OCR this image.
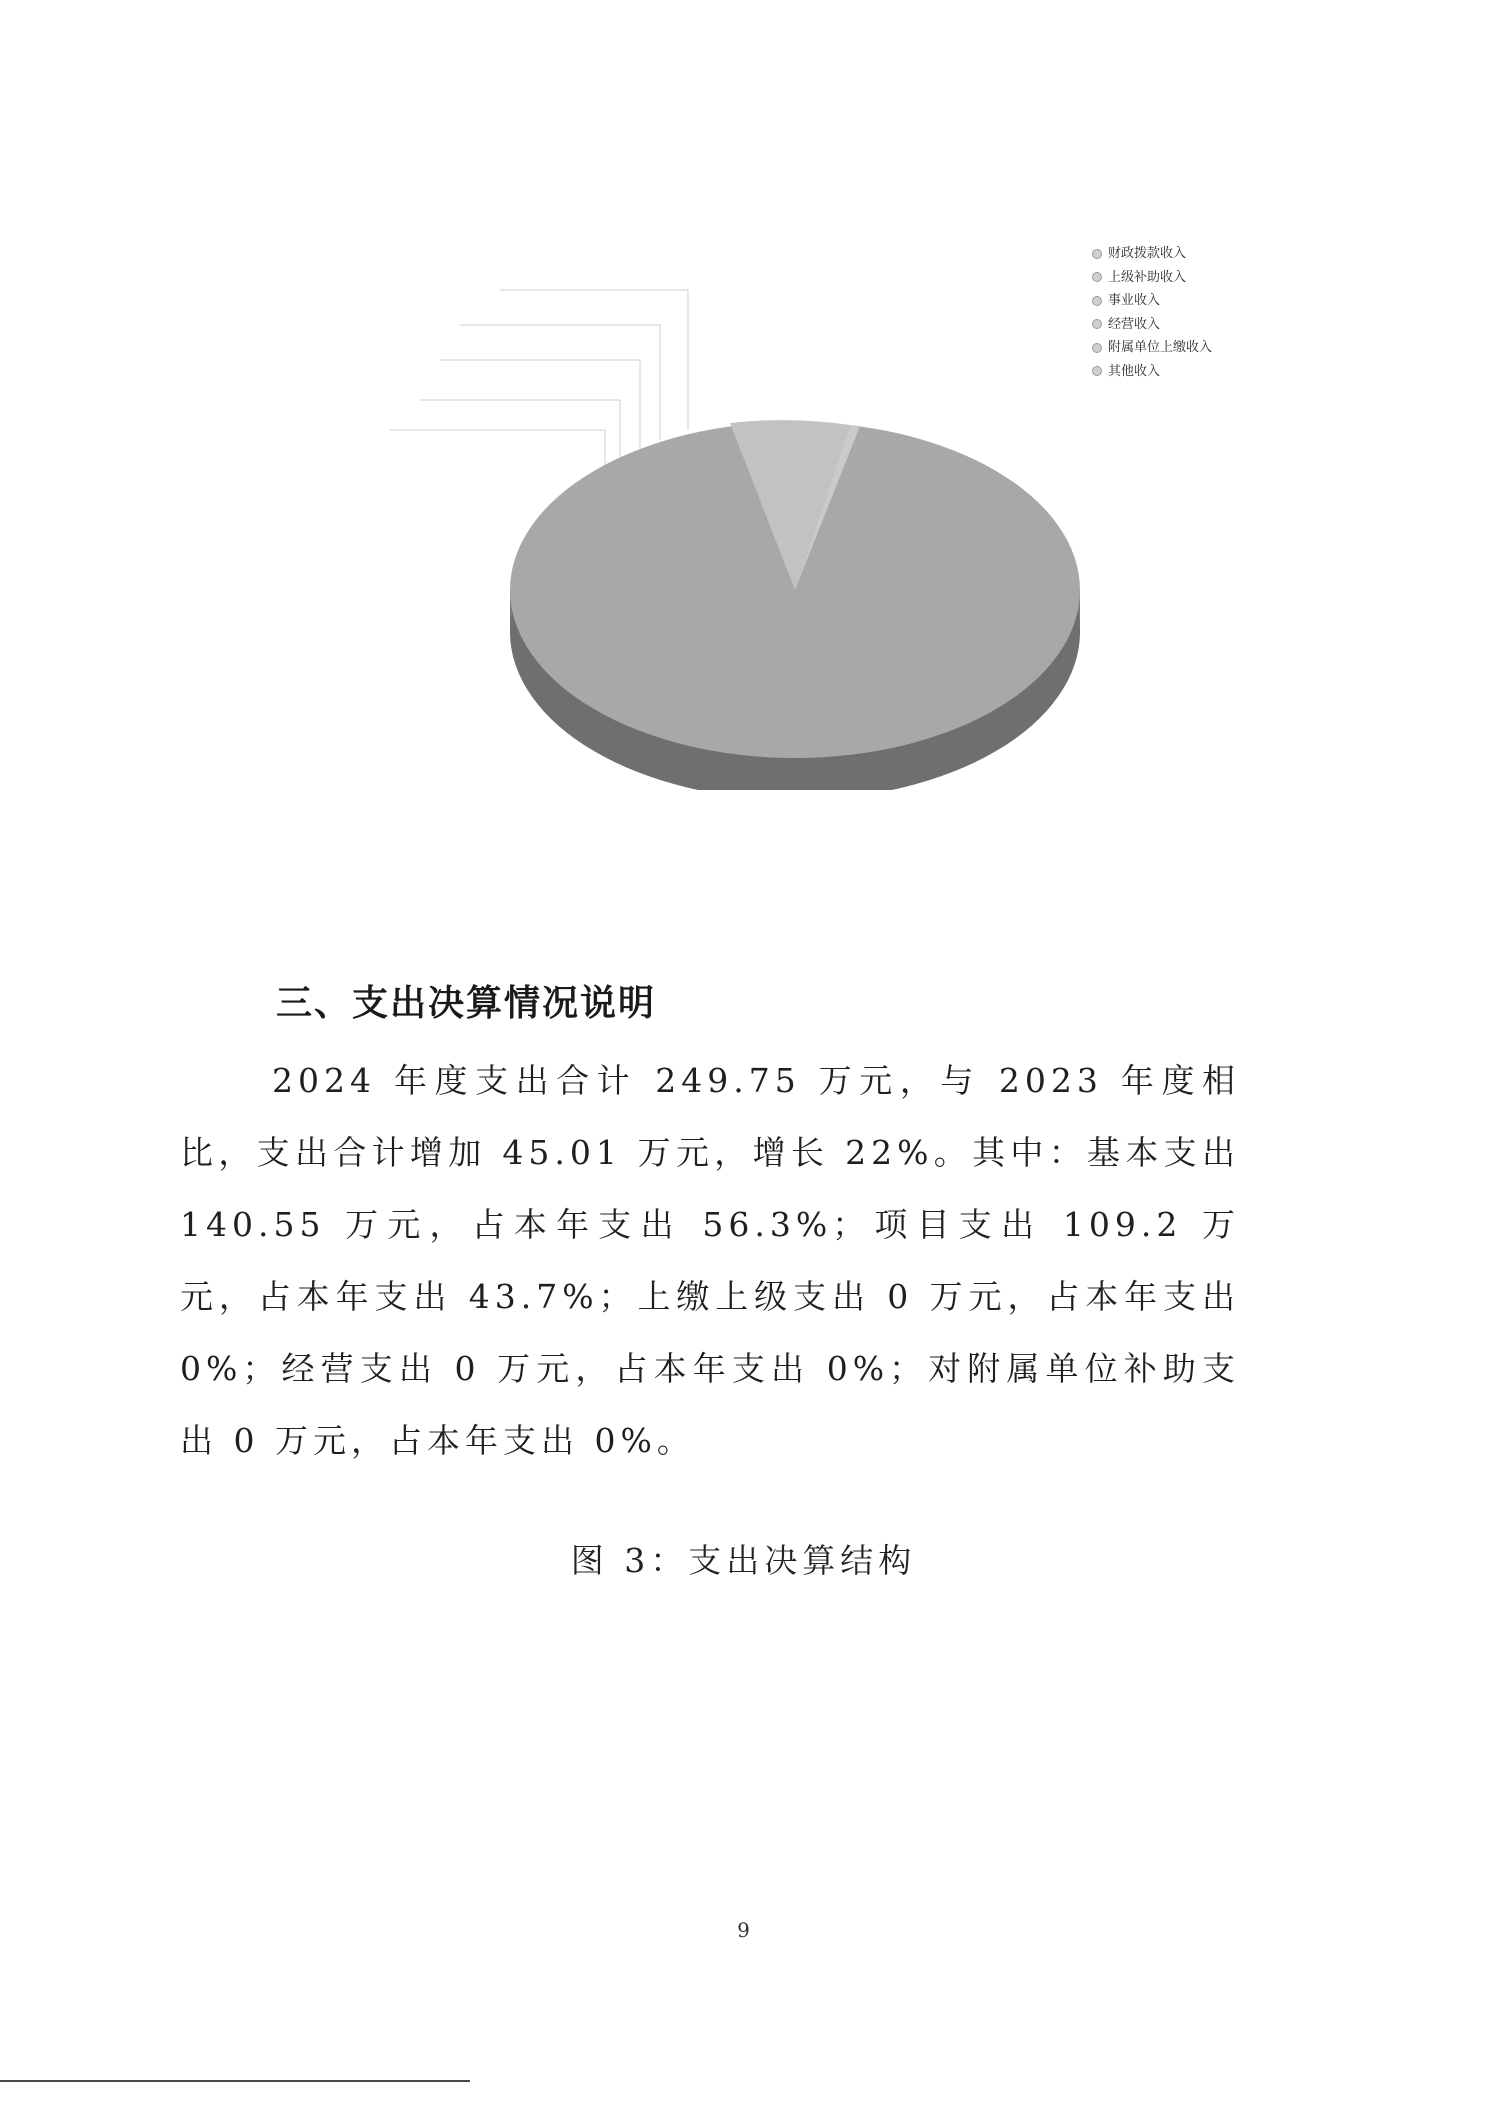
财政拨款收入
上级补助收入
事业收入
经营收入
附属单位上缴收入
其他收入
三、支出决算情况说明

2024 年度支出合计 249.75 万元，与 2023 年度相比，支出合计增加 45.01 万元，增长 22%。其中：基本支出 140.55 万元，占本年支出 56.3%；项目支出 109.2 万元，占本年支出 43.7%；上缴上级支出 0 万元，占本年支出 0%；经营支出 0 万元，占本年支出 0%；对附属单位补助支出 0 万元，占本年支出 0%。

图 3：支出决算结构
9
